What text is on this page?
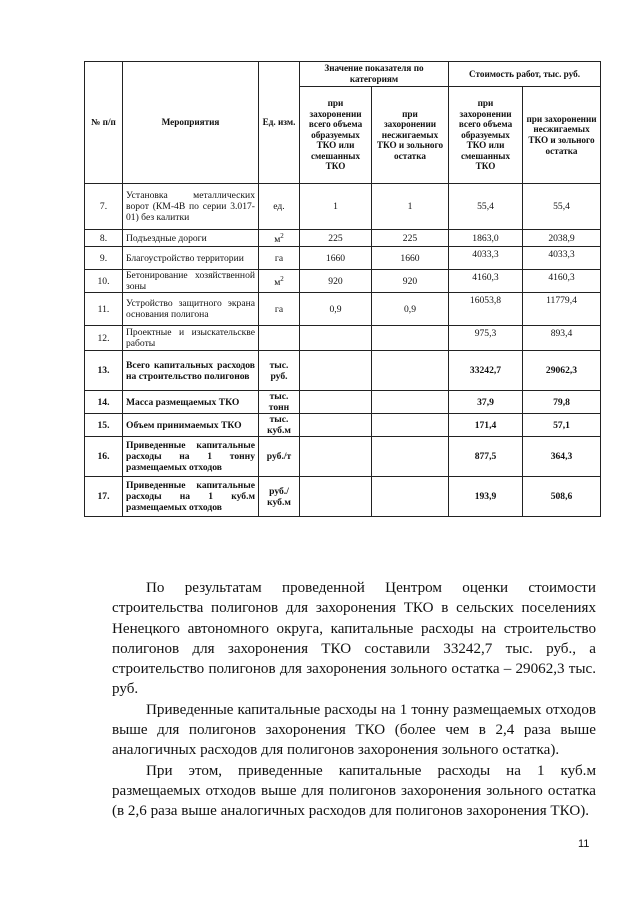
№ п/п	Мероприятия	Ед. изм.	Значение показателя по категориям		Стоимость работ, тыс. руб.	
			при захоронении всего объема образуемых ТКО или смешанных ТКО	при захоронении несжигаемых ТКО и зольного остатка	при захоронении всего объема образуемых ТКО или смешанных ТКО	при захоронении несжигаемых ТКО и зольного остатка
7.	Установка металлических ворот (КМ-4В по серии 3.017-01) без калитки	ед.	1	1	55,4	55,4
8.	Подъездные дороги	$м^2$	225	225	1863,0	2038,9
9.	Благоустройство территории	га	1660	1660	4033,3	4033,3
10.	Бетонирование хозяйственной зоны	$м^2$	920	920	4160,3	4160,3
11.	Устройство защитного экрана основания полигона	га	0,9	0,9	16053,8	11779,4
12.	Проектные и изыскательскве работы				975,3	893,4
13.	Всего капитальных расходов на строительство полигонов	тыс. руб.			33242,7	29062,3
14.	Масса размещаемых ТКО	тыс. тонн			37,9	79,8
15.	Объем принимаемых ТКО	тыс. куб.м			171,4	57,1
16.	Приведенные капитальные расходы на 1 тонну размещаемых отходов	руб./т			877,5	364,3
17.	Приведенные капитальные расходы на 1 куб.м размещаемых отходов	руб./ куб.м			193,9	508,6

По результатам проведенной Центром оценки стоимости строительства полигонов для захоронения ТКО в сельских поселениях Ненецкого автономного округа, капитальные расходы на строительство полигонов для захоронения ТКО составили 33242,7 тыс. руб., а строительство полигонов для захоронения зольного остатка – 29062,3 тыс. руб.

Приведенные капитальные расходы на 1 тонну размещаемых отходов выше для полигонов захоронения ТКО (более чем в 2,4 раза выше аналогичных расходов для полигонов захоронения зольного остатка).

При этом, приведенные капитальные расходы на 1 куб.м размещаемых отходов выше для полигонов захоронения зольного остатка (в 2,6 раза выше аналогичных расходов для полигонов захоронения ТКО).

11
